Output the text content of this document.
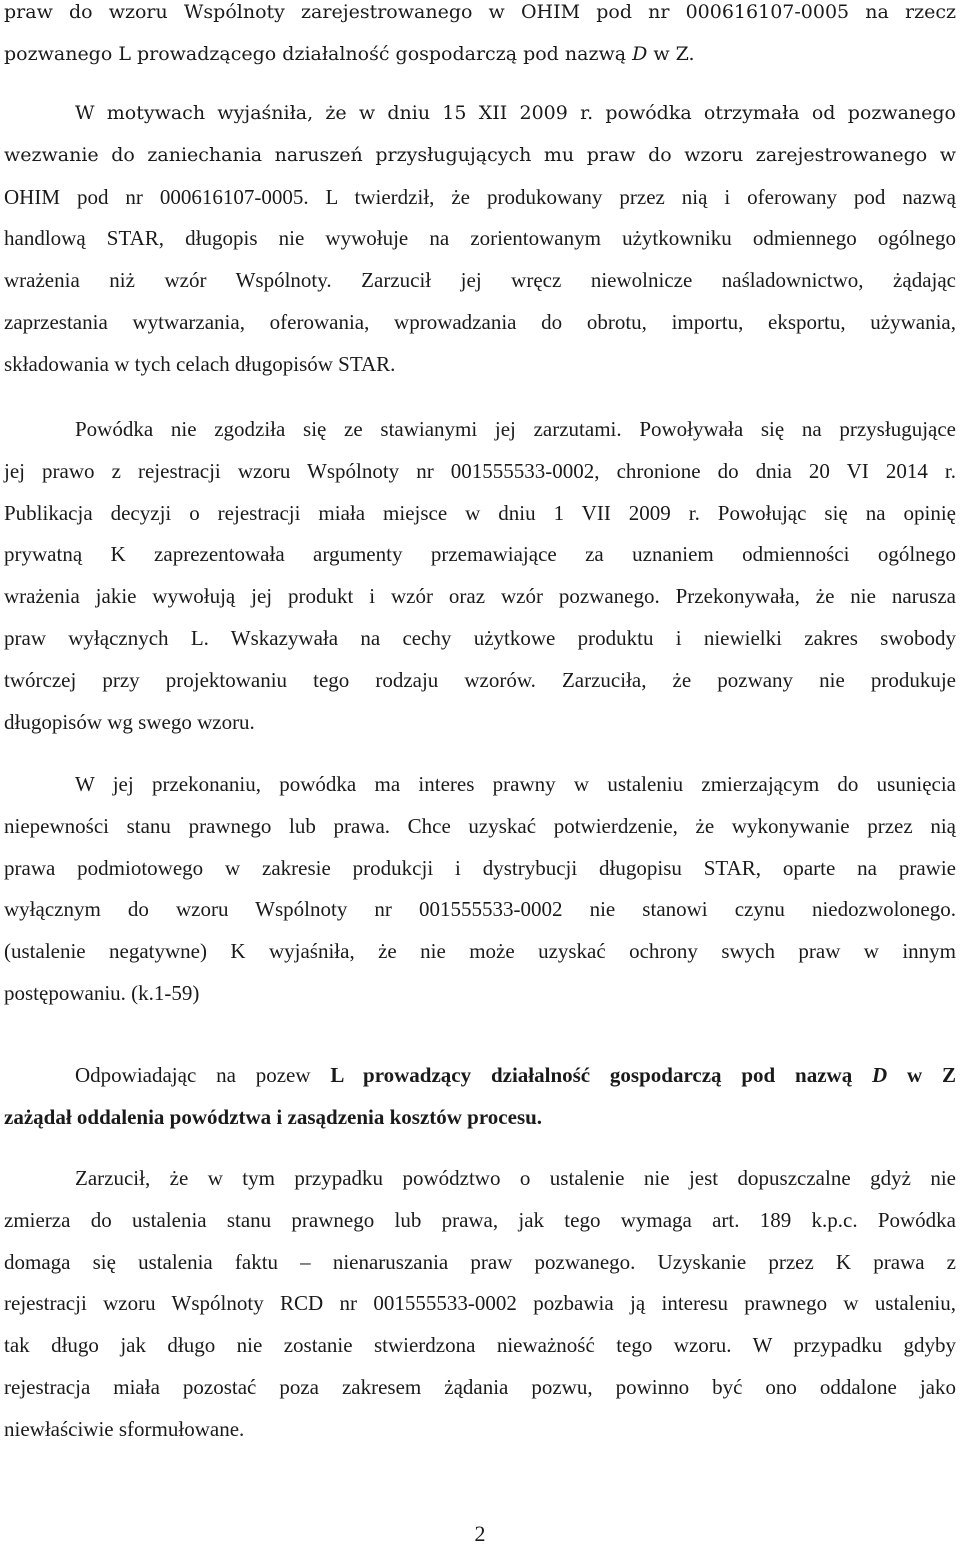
praw do wzoru Wspólnoty zarejestrowanego w OHIM pod nr 000616107-0005 na rzecz
pozwanego L prowadzącego działalność gospodarczą pod nazwą D w Z.
W motywach wyjaśniła, że w dniu 15 XII 2009 r. powódka otrzymała od pozwanego
wezwanie do zaniechania naruszeń przysługujących mu praw do wzoru zarejestrowanego w
OHIM pod nr 000616107-0005. L twierdził, że produkowany przez nią i oferowany pod nazwą
handlową STAR, długopis nie wywołuje na zorientowanym użytkowniku odmiennego ogólnego
wrażenia niż wzór Wspólnoty. Zarzucił jej wręcz niewolnicze naśladownictwo, żądając
zaprzestania wytwarzania, oferowania, wprowadzania do obrotu, importu, eksportu, używania,
składowania w tych celach długopisów STAR.
Powódka nie zgodziła się ze stawianymi jej zarzutami. Powoływała się na przysługujące
jej prawo z rejestracji wzoru Wspólnoty nr 001555533-0002, chronione do dnia 20 VI 2014 r.
Publikacja decyzji o rejestracji miała miejsce w dniu 1 VII 2009 r. Powołując się na opinię
prywatną K zaprezentowała argumenty przemawiające za uznaniem odmienności ogólnego
wrażenia jakie wywołują jej produkt i wzór oraz wzór pozwanego. Przekonywała, że nie narusza
praw wyłącznych L. Wskazywała na cechy użytkowe produktu i niewielki zakres swobody
twórczej przy projektowaniu tego rodzaju wzorów. Zarzuciła, że pozwany nie produkuje
długopisów wg swego wzoru.
W jej przekonaniu, powódka ma interes prawny w ustaleniu zmierzającym do usunięcia
niepewności stanu prawnego lub prawa. Chce uzyskać potwierdzenie, że wykonywanie przez nią
prawa podmiotowego w zakresie produkcji i dystrybucji długopisu STAR, oparte na prawie
wyłącznym do wzoru Wspólnoty nr 001555533-0002 nie stanowi czynu niedozwolonego.
(ustalenie negatywne) K wyjaśniła, że nie może uzyskać ochrony swych praw w innym
postępowaniu. (k.1-59)
Odpowiadając na pozew L prowadzący działalność gospodarczą pod nazwą D w Z
zażądał oddalenia powództwa i zasądzenia kosztów procesu.
Zarzucił, że w tym przypadku powództwo o ustalenie nie jest dopuszczalne gdyż nie
zmierza do ustalenia stanu prawnego lub prawa, jak tego wymaga art. 189 k.p.c. Powódka
domaga się ustalenia faktu – nienaruszania praw pozwanego. Uzyskanie przez K prawa z
rejestracji wzoru Wspólnoty RCD nr 001555533-0002 pozbawia ją interesu prawnego w ustaleniu,
tak długo jak długo nie zostanie stwierdzona nieważność tego wzoru. W przypadku gdyby
rejestracja miała pozostać poza zakresem żądania pozwu, powinno być ono oddalone jako
niewłaściwie sformułowane.
2
